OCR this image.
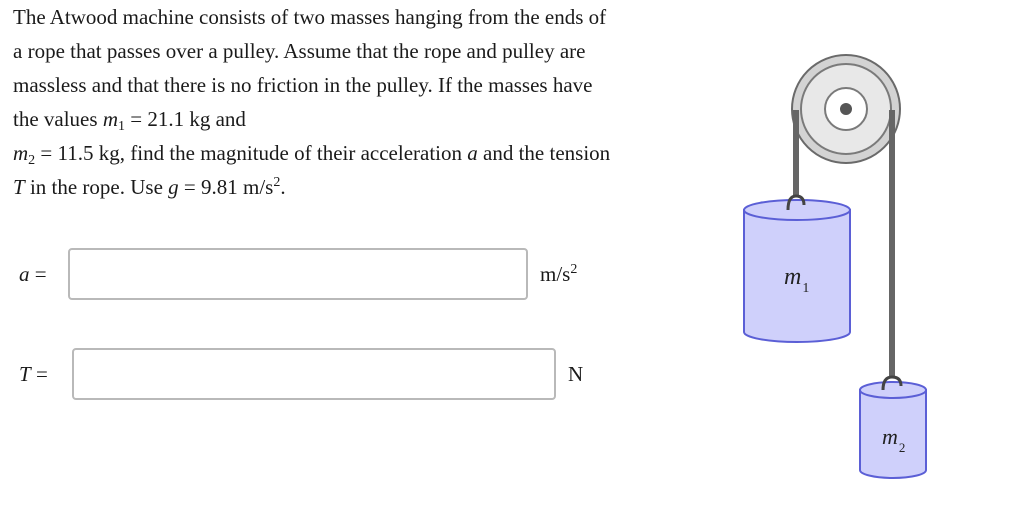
The Atwood machine consists of two masses hanging from the ends of a rope that passes over a pulley. Assume that the rope and pulley are massless and that there is no friction in the pulley. If the masses have the values $m_1 = 21.1$ kg and
$m_2 = 11.5$ kg, find the magnitude of their acceleration a and the tension T in the rope. Use g = 9.81 $m/s^2$.

a =	$m/s^2$
T =	N
$m_1$
$m_2$
